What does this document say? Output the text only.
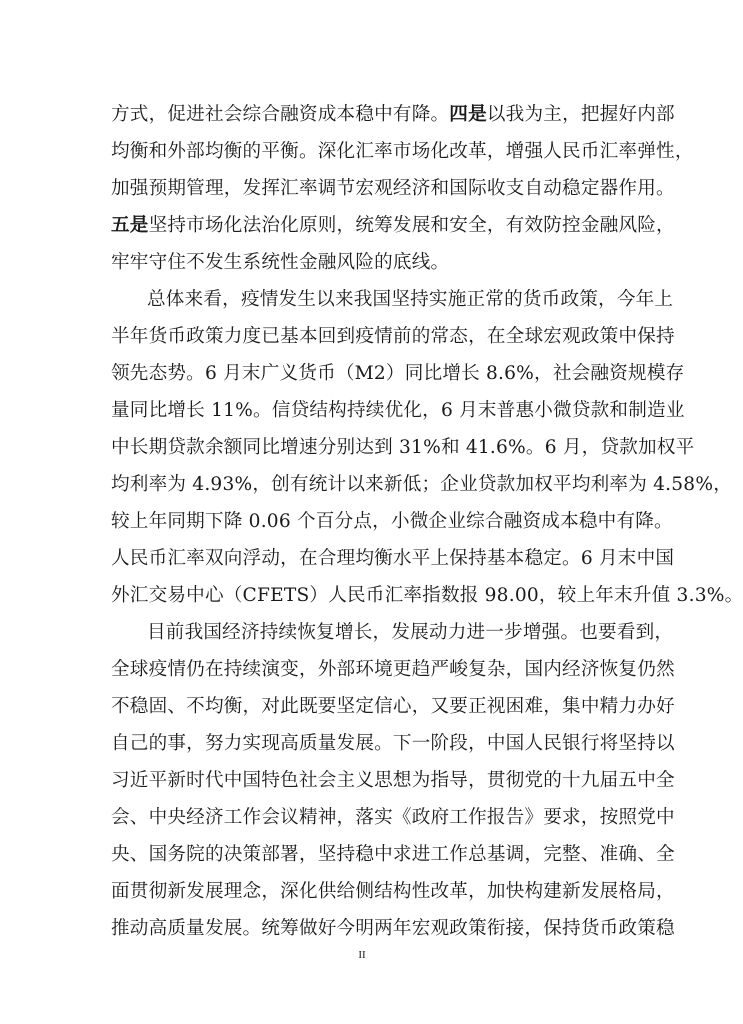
方式，促进社会综合融资成本稳中有降。四是以我为主，把握好内部
均衡和外部均衡的平衡。深化汇率市场化改革，增强人民币汇率弹性，
加强预期管理，发挥汇率调节宏观经济和国际收支自动稳定器作用。
五是坚持市场化法治化原则，统筹发展和安全，有效防控金融风险，
牢牢守住不发生系统性金融风险的底线。
总体来看，疫情发生以来我国坚持实施正常的货币政策，今年上
半年货币政策力度已基本回到疫情前的常态，在全球宏观政策中保持
领先态势。6 月末广义货币（M2）同比增长 8.6%，社会融资规模存
量同比增长 11%。信贷结构持续优化，6 月末普惠小微贷款和制造业
中长期贷款余额同比增速分别达到 31%和 41.6%。6 月，贷款加权平
均利率为 4.93%，创有统计以来新低；企业贷款加权平均利率为 4.58%，
较上年同期下降 0.06 个百分点，小微企业综合融资成本稳中有降。
人民币汇率双向浮动，在合理均衡水平上保持基本稳定。6 月末中国
外汇交易中心（CFETS）人民币汇率指数报 98.00，较上年末升值 3.3%。
目前我国经济持续恢复增长，发展动力进一步增强。也要看到，
全球疫情仍在持续演变，外部环境更趋严峻复杂，国内经济恢复仍然
不稳固、不均衡，对此既要坚定信心，又要正视困难，集中精力办好
自己的事，努力实现高质量发展。下一阶段，中国人民银行将坚持以
习近平新时代中国特色社会主义思想为指导，贯彻党的十九届五中全
会、中央经济工作会议精神，落实《政府工作报告》要求，按照党中
央、国务院的决策部署，坚持稳中求进工作总基调，完整、准确、全
面贯彻新发展理念，深化供给侧结构性改革，加快构建新发展格局，
推动高质量发展。统筹做好今明两年宏观政策衔接，保持货币政策稳
II
